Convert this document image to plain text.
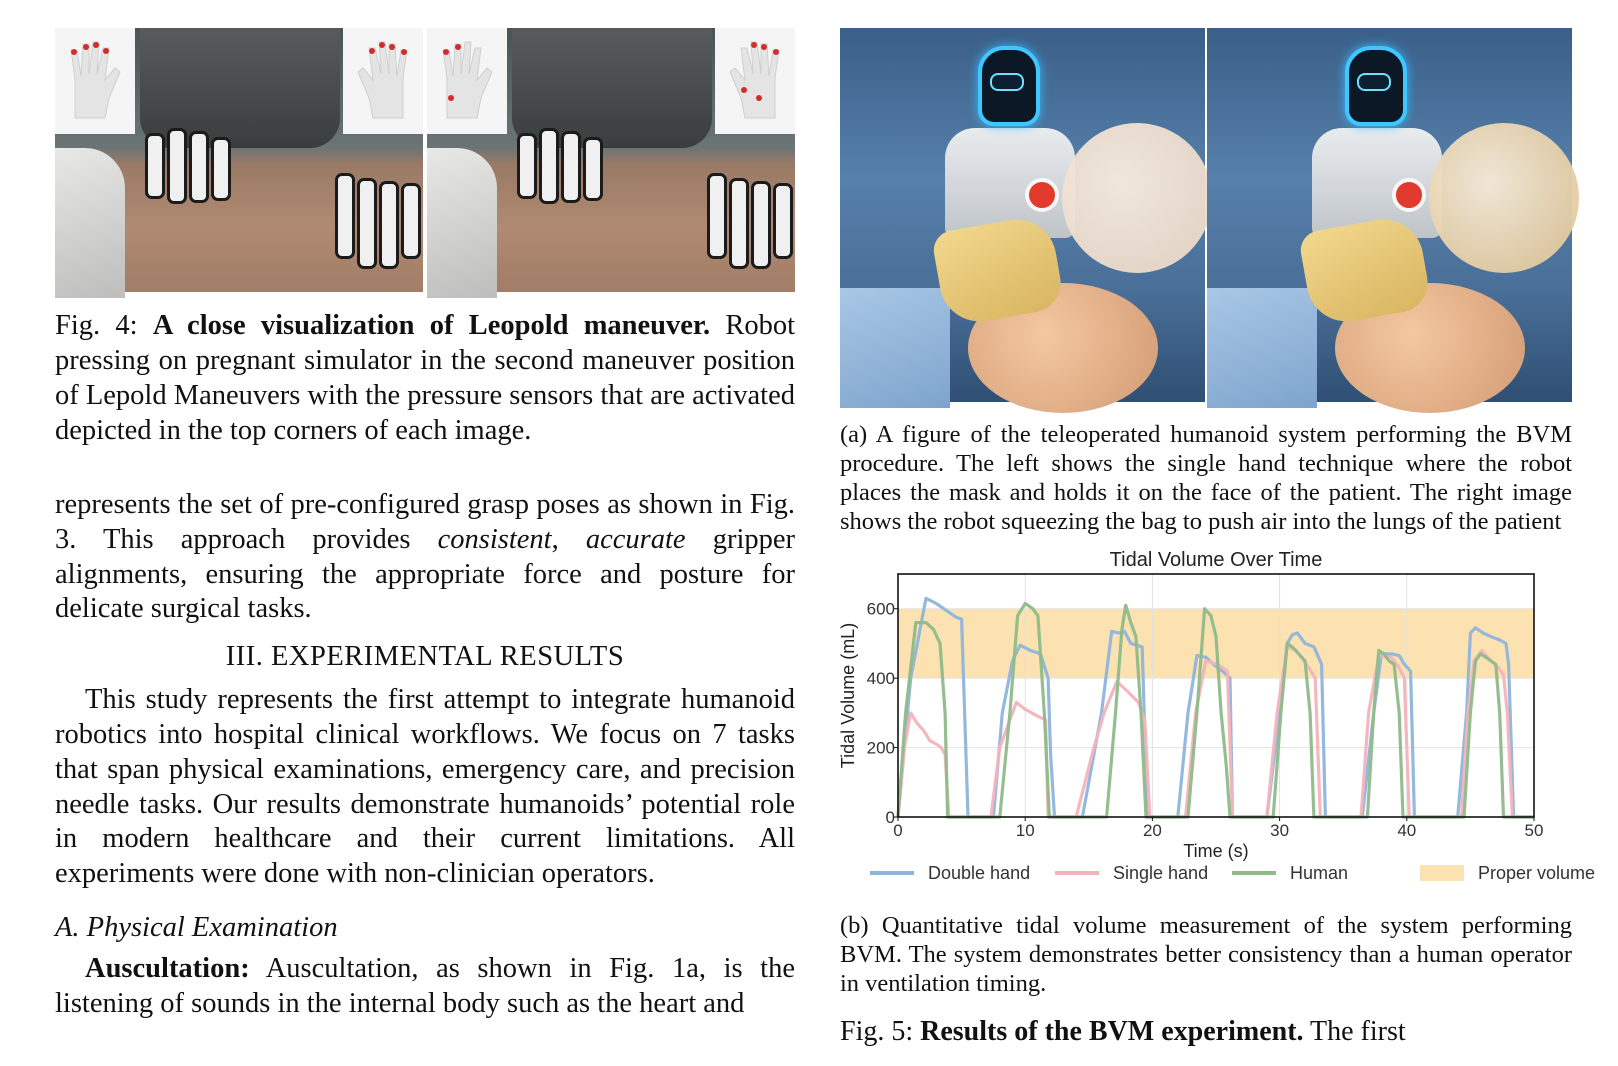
Fig. 4: A close visualization of Leopold maneuver. Robot pressing on pregnant simulator in the second maneuver position of Lepold Maneuvers with the pressure sensors that are activated depicted in the top corners of each image.
represents the set of pre-configured grasp poses as shown in Fig. 3. This approach provides consistent, accurate gripper alignments, ensuring the appropriate force and posture for delicate surgical tasks.
III. EXPERIMENTAL RESULTS
This study represents the first attempt to integrate humanoid robotics into hospital clinical workflows. We focus on 7 tasks that span physical examinations, emergency care, and precision needle tasks. Our results demonstrate humanoids’ potential role in modern healthcare and their current limitations. All experiments were done with non-clinician operators.
A. Physical Examination
Auscultation: Auscultation, as shown in Fig. 1a, is the listening of sounds in the internal body such as the heart and
(a) A figure of the teleoperated humanoid system performing the BVM procedure. The left shows the single hand technique where the robot places the mask and holds it on the face of the patient. The right image shows the robot squeezing the bag to push air into the lungs of the patient
0	10	20	30	40	50
0
200
400
600
Tidal Volume Over Time
Time (s)
Tidal Volume (mL)
Double hand	Single hand	Human	Proper volume
(b) Quantitative tidal volume measurement of the system performing BVM. The system demonstrates better consistency than a human operator in ventilation timing.
Fig. 5: Results of the BVM experiment. The first
